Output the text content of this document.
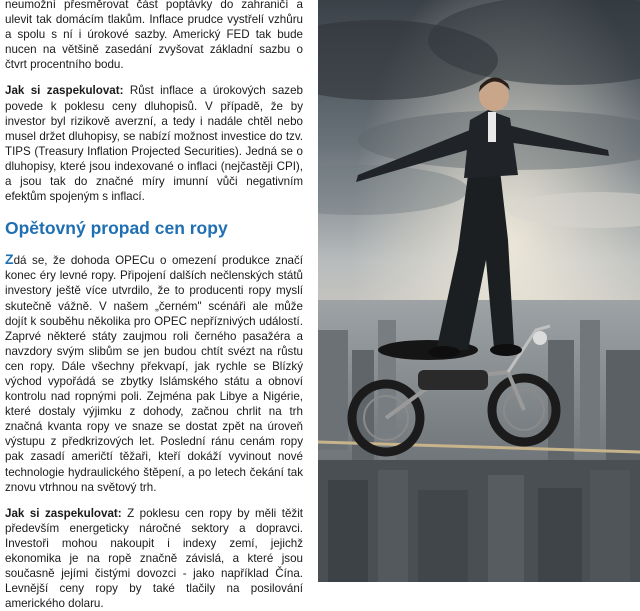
neumožní přesměrovat část poptávky do zahraničí a ulevit tak domácím tlakům. Inflace prudce vystřelí vzhůru a spolu s ní i úrokové sazby. Americký FED tak bude nucen na většině zasedání zvyšovat základní sazbu o čtvrt procentního bodu.

Jak si zaspekulovat: Růst inflace a úrokových sazeb povede k poklesu ceny dluhopisů. V případě, že by investor byl rizikově averzní, a tedy i nadále chtěl nebo musel držet dluhopisy, se nabízí možnost investice do tzv. TIPS (Treasury Inflation Projected Securities). Jedná se o dluhopisy, které jsou indexované o inflaci (nejčastěji CPI), a jsou tak do značné míry imunní vůči negativním efektům spojeným s inflací.

Opětovný propad cen ropy

Zdá se, že dohoda OPECu o omezení produkce značí konec éry levné ropy. Připojení dalších nečlenských států investory ještě více utvrdilo, že to producenti ropy myslí skutečně vážně. V našem „černém" scénáři ale může dojít k souběhu několika pro OPEC nepříznivých událostí. Zaprvé některé státy zaujmou roli černého pasažéra a navzdory svým slibům se jen budou chtít svézt na růstu cen ropy. Dále všechny překvapí, jak rychle se Blízký východ vypořádá se zbytky Islámského státu a obnoví kontrolu nad ropnými poli. Zejména pak Libye a Nigérie, které dostaly výjimku z dohody, začnou chrlit na trh značná kvanta ropy ve snaze se dostat zpět na úroveň výstupu z předkrizových let. Poslední ránu cenám ropy pak zasadí američtí těžaři, kteří dokáží vyvinout nové technologie hydraulického štěpení, a po letech čekání tak znovu vtrhnou na světový trh.

Jak si zaspekulovat: Z poklesu cen ropy by měli těžit především energeticky náročné sektory a dopravci. Investoři mohou nakoupit i indexy zemí, jejichž ekonomika je na ropě značně závislá, a které jsou současně jejími čistými dovozci - jako například Čína. Levnější ceny ropy by také tlačily na posilování amerického dolaru.
